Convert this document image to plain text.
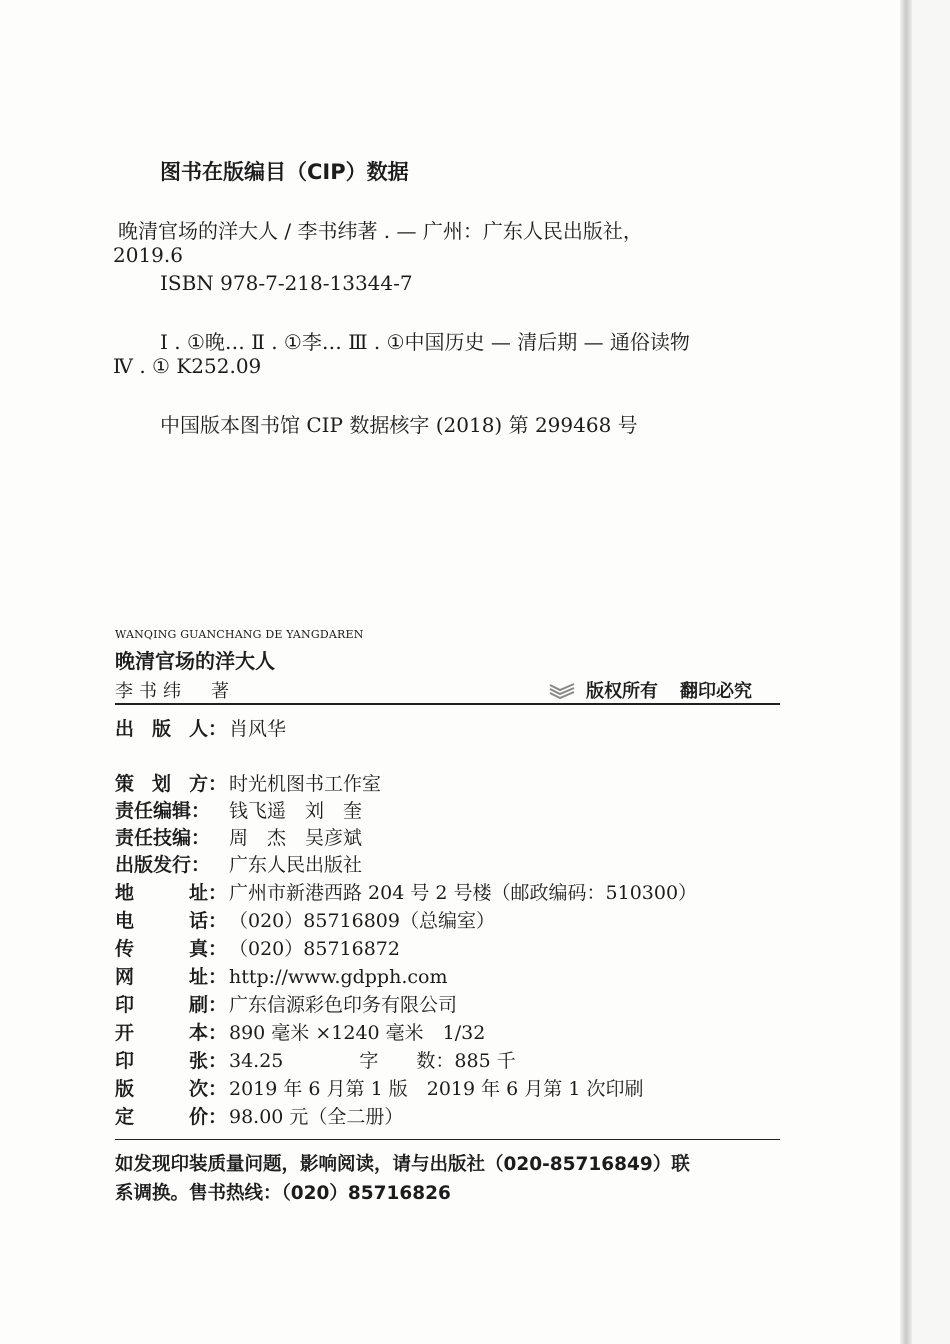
图书在版编目（CIP）数据
晚清官场的洋大人 / 李书纬著 . — 广州：广东人民出版社，
2019.6
ISBN 978-7-218-13344-7
Ⅰ . ①晚… Ⅱ . ①李… Ⅲ . ①中国历史 — 清后期 — 通俗读物
Ⅳ . ① K252.09
中国版本图书馆 CIP 数据核字 (2018) 第 299468 号
WANQING GUANCHANG DE YANGDAREN
晚清官场的洋大人
李书纬　著	版权所有 翻印必究
出 版 人： 肖风华
策 划 方： 时光机图书工作室
责任编辑： 钱飞遥　刘　奎
责任技编： 周　杰　吴彦斌
出版发行： 广东人民出版社
地	址： 广州市新港西路 204 号 2 号楼（邮政编码：510300）
电	话： （020）85716809（总编室）
传	真： （020）85716872
网	址： http://www.gdpph.com
印	刷： 广东信源彩色印务有限公司
开	本： 890 毫米 ×1240 毫米　1/32
印	张： 34.25　　　　字　　数：885 千
版	次： 2019 年 6 月第 1 版　2019 年 6 月第 1 次印刷
定	价： 98.00 元（全二册）
如发现印装质量问题，影响阅读，请与出版社（020-85716849）联
系调换。售书热线：（020）85716826
